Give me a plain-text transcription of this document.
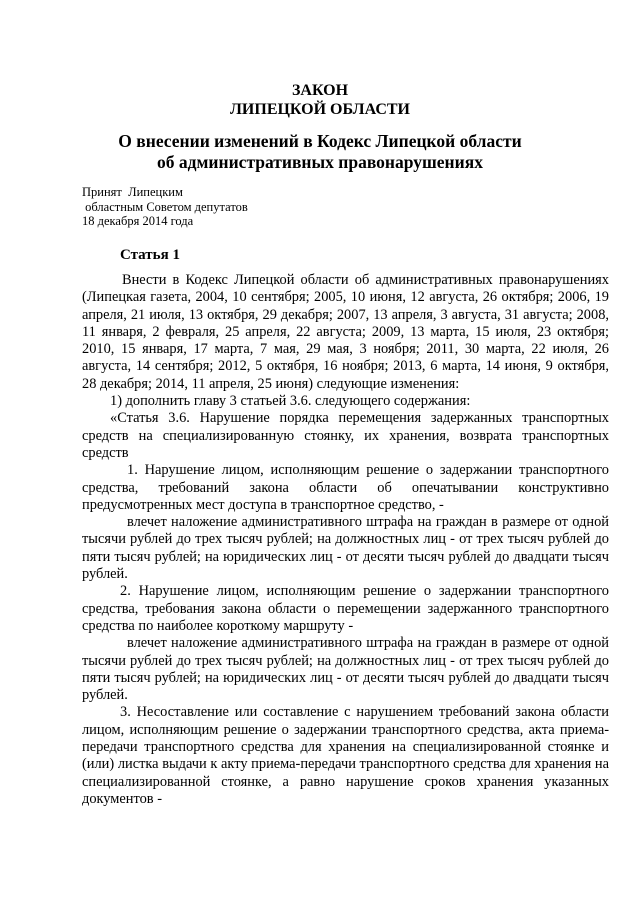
ЗАКОН

ЛИПЕЦКОЙ ОБЛАСТИ

О внесении изменений в Кодекс Липецкой области

об административных правонарушениях

Принят  Липецким
областным Советом депутатов
18 декабря 2014 года

Статья 1

Внести в Кодекс Липецкой области об административных правонарушениях (Липецкая газета, 2004, 10 сентября; 2005, 10 июня, 12 августа, 26 октября; 2006, 19 апреля, 21 июля, 13 октября, 29 декабря; 2007, 13 апреля, 3 августа, 31 августа; 2008, 11 января, 2 февраля, 25 апреля, 22 августа; 2009, 13 марта, 15 июля, 23 октября; 2010, 15 января, 17 марта, 7 мая, 29 мая, 3 ноября; 2011, 30 марта, 22 июля, 26 августа, 14 сентября; 2012, 5 октября, 16 ноября; 2013, 6 марта, 14 июня, 9 октября, 28 декабря; 2014, 11 апреля, 25 июня) следующие изменения:

1) дополнить главу 3 статьей 3.6. следующего содержания:

«Статья 3.6. Нарушение порядка перемещения задержанных транспортных средств на специализированную стоянку, их хранения, возврата транспортных средств

1. Нарушение лицом, исполняющим решение о задержании транспортного средства, требований закона области об опечатывании конструктивно предусмотренных мест доступа в транспортное средство, -

влечет наложение административного штрафа на граждан в размере от одной тысячи рублей до трех тысяч рублей; на должностных лиц - от трех тысяч рублей до пяти тысяч рублей; на юридических лиц - от десяти тысяч рублей до двадцати тысяч рублей.

2. Нарушение лицом, исполняющим решение о задержании транспортного средства, требования закона области о перемещении задержанного транспортного средства по наиболее короткому маршруту -

влечет наложение административного штрафа на граждан в размере от одной тысячи рублей до трех тысяч рублей; на должностных лиц - от трех тысяч рублей до пяти тысяч рублей; на юридических лиц - от десяти тысяч рублей до двадцати тысяч рублей.

3. Несоставление или составление с нарушением требований закона области лицом, исполняющим решение о задержании транспортного средства, акта приема-передачи транспортного средства для хранения на специализированной стоянке и (или) листка выдачи к акту приема-передачи транспортного средства для хранения на специализированной стоянке, а равно нарушение сроков хранения указанных документов -
